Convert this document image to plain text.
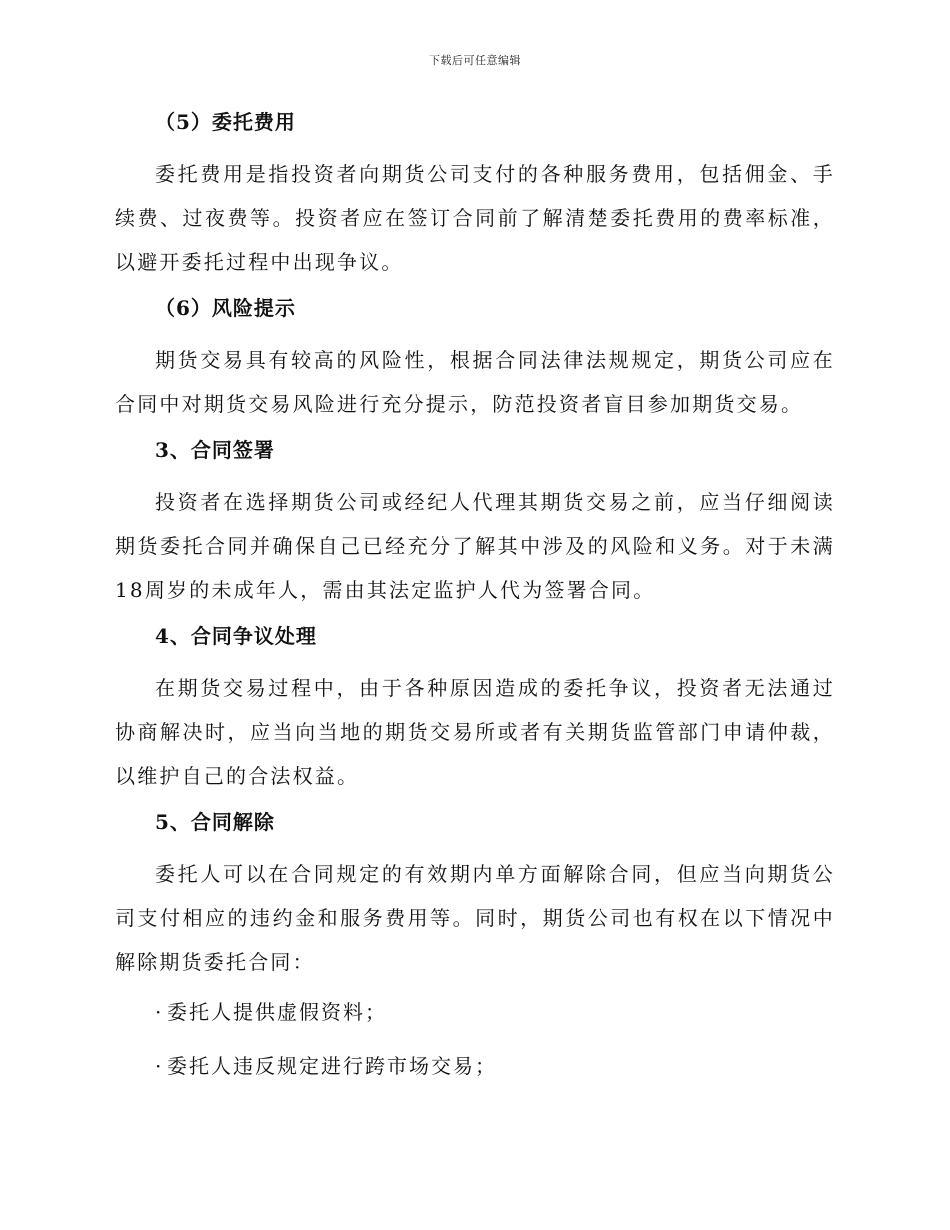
下载后可任意编辑
（5）委托费用

委托费用是指投资者向期货公司支付的各种服务费用，包括佣金、手续费、过夜费等。投资者应在签订合同前了解清楚委托费用的费率标准，以避开委托过程中出现争议。

（6）风险提示

期货交易具有较高的风险性，根据合同法律法规规定，期货公司应在合同中对期货交易风险进行充分提示，防范投资者盲目参加期货交易。

3、合同签署

投资者在选择期货公司或经纪人代理其期货交易之前，应当仔细阅读期货委托合同并确保自己已经充分了解其中涉及的风险和义务。对于未满18周岁的未成年人，需由其法定监护人代为签署合同。

4、合同争议处理

在期货交易过程中，由于各种原因造成的委托争议，投资者无法通过协商解决时，应当向当地的期货交易所或者有关期货监管部门申请仲裁，以维护自己的合法权益。

5、合同解除

委托人可以在合同规定的有效期内单方面解除合同，但应当向期货公司支付相应的违约金和服务费用等。同时，期货公司也有权在以下情况中解除期货委托合同：

· 委托人提供虚假资料；
· 委托人违反规定进行跨市场交易；
